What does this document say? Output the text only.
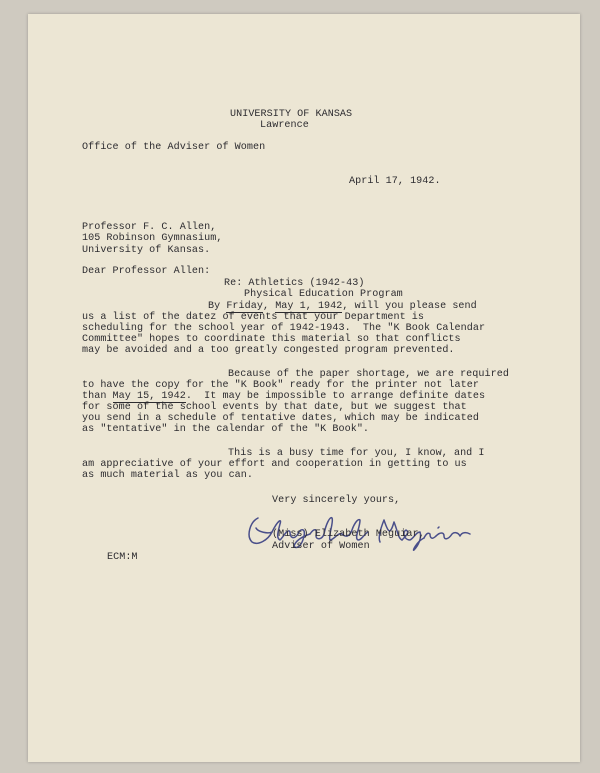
UNIVERSITY OF KANSAS
Lawrence
Office of the Adviser of Women
April 17, 1942.
Professor F. C. Allen,
105 Robinson Gymnasium,
University of Kansas.
Dear Professor Allen:
Re: Athletics (1942-43)
Physical Education Program
By Friday, May 1, 1942, will you please send
us a list of the datez of events that your Department is
scheduling for the school year of 1942-1943.  The "K Book Calendar
Committee" hopes to coordinate this material so that conflicts
may be avoided and a too greatly congested program prevented.
Because of the paper shortage, we are required
to have the copy for the "K Book" ready for the printer not later
than May 15, 1942.  It may be impossible to arrange definite dates
for some of the school events by that date, but we suggest that
you send in a schedule of tentative dates, which may be indicated
as "tentative" in the calendar of the "K Book".
This is a busy time for you, I know, and I
am appreciative of your effort and cooperation in getting to us
as much material as you can.
Very sincerely yours,
(Miss) Elizabeth Meguiar,
Adviser of Women
ECM:M
